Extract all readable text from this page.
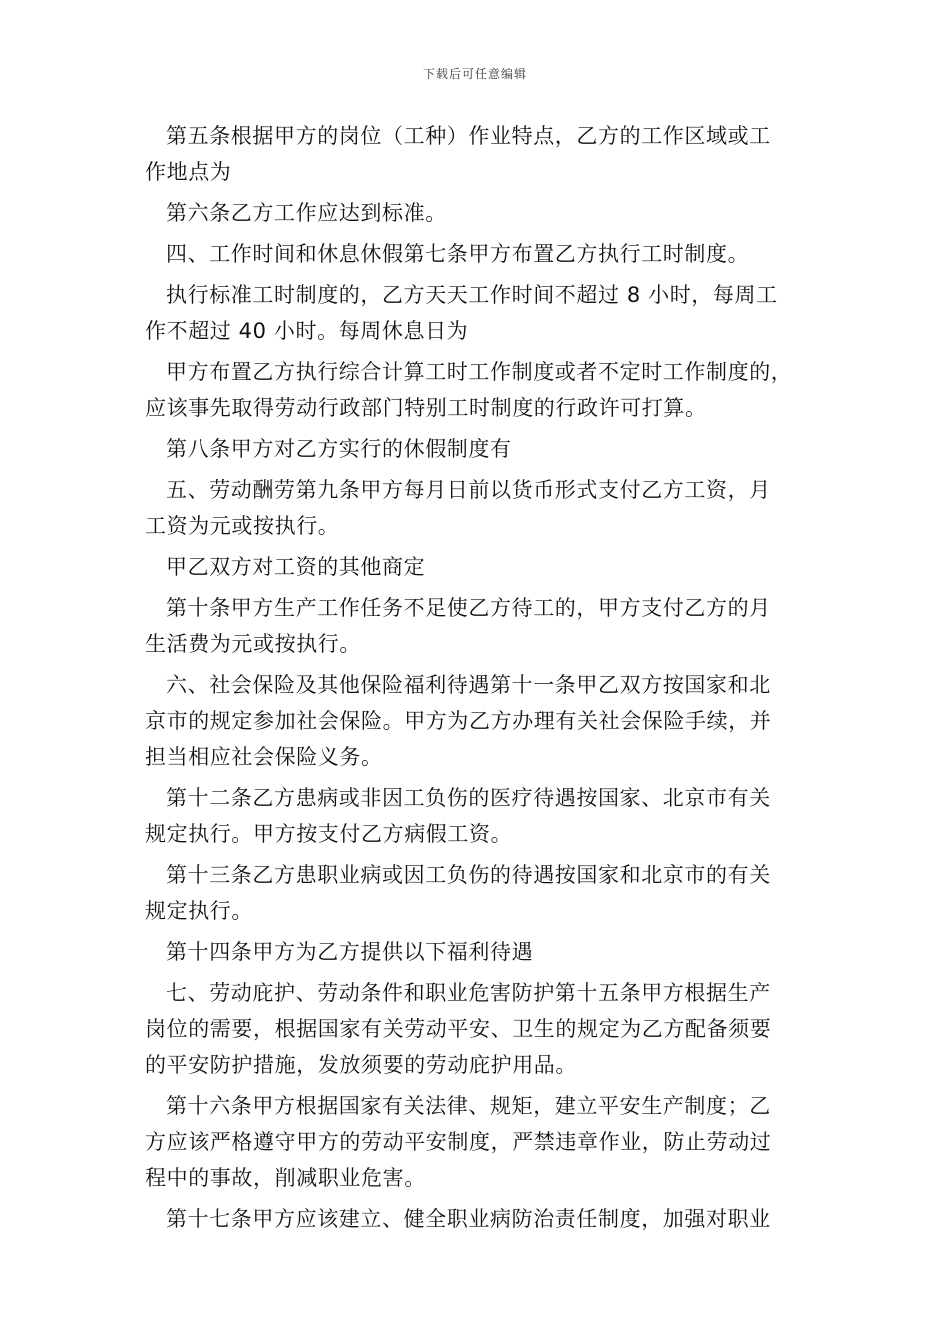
下载后可任意编辑
第五条根据甲方的岗位（工种）作业特点，乙方的工作区域或工
作地点为
第六条乙方工作应达到标准。
四、工作时间和休息休假第七条甲方布置乙方执行工时制度。
执行标准工时制度的，乙方天天工作时间不超过 8 小时，每周工
作不超过 40 小时。每周休息日为
甲方布置乙方执行综合计算工时工作制度或者不定时工作制度的，
应该事先取得劳动行政部门特别工时制度的行政许可打算。
第八条甲方对乙方实行的休假制度有
五、劳动酬劳第九条甲方每月日前以货币形式支付乙方工资，月
工资为元或按执行。
甲乙双方对工资的其他商定
第十条甲方生产工作任务不足使乙方待工的，甲方支付乙方的月
生活费为元或按执行。
六、社会保险及其他保险福利待遇第十一条甲乙双方按国家和北
京市的规定参加社会保险。甲方为乙方办理有关社会保险手续，并
担当相应社会保险义务。
第十二条乙方患病或非因工负伤的医疗待遇按国家、北京市有关
规定执行。甲方按支付乙方病假工资。
第十三条乙方患职业病或因工负伤的待遇按国家和北京市的有关
规定执行。
第十四条甲方为乙方提供以下福利待遇
七、劳动庇护、劳动条件和职业危害防护第十五条甲方根据生产
岗位的需要，根据国家有关劳动平安、卫生的规定为乙方配备须要
的平安防护措施，发放须要的劳动庇护用品。
第十六条甲方根据国家有关法律、规矩，建立平安生产制度；乙
方应该严格遵守甲方的劳动平安制度，严禁违章作业，防止劳动过
程中的事故，削减职业危害。
第十七条甲方应该建立、健全职业病防治责任制度，加强对职业
